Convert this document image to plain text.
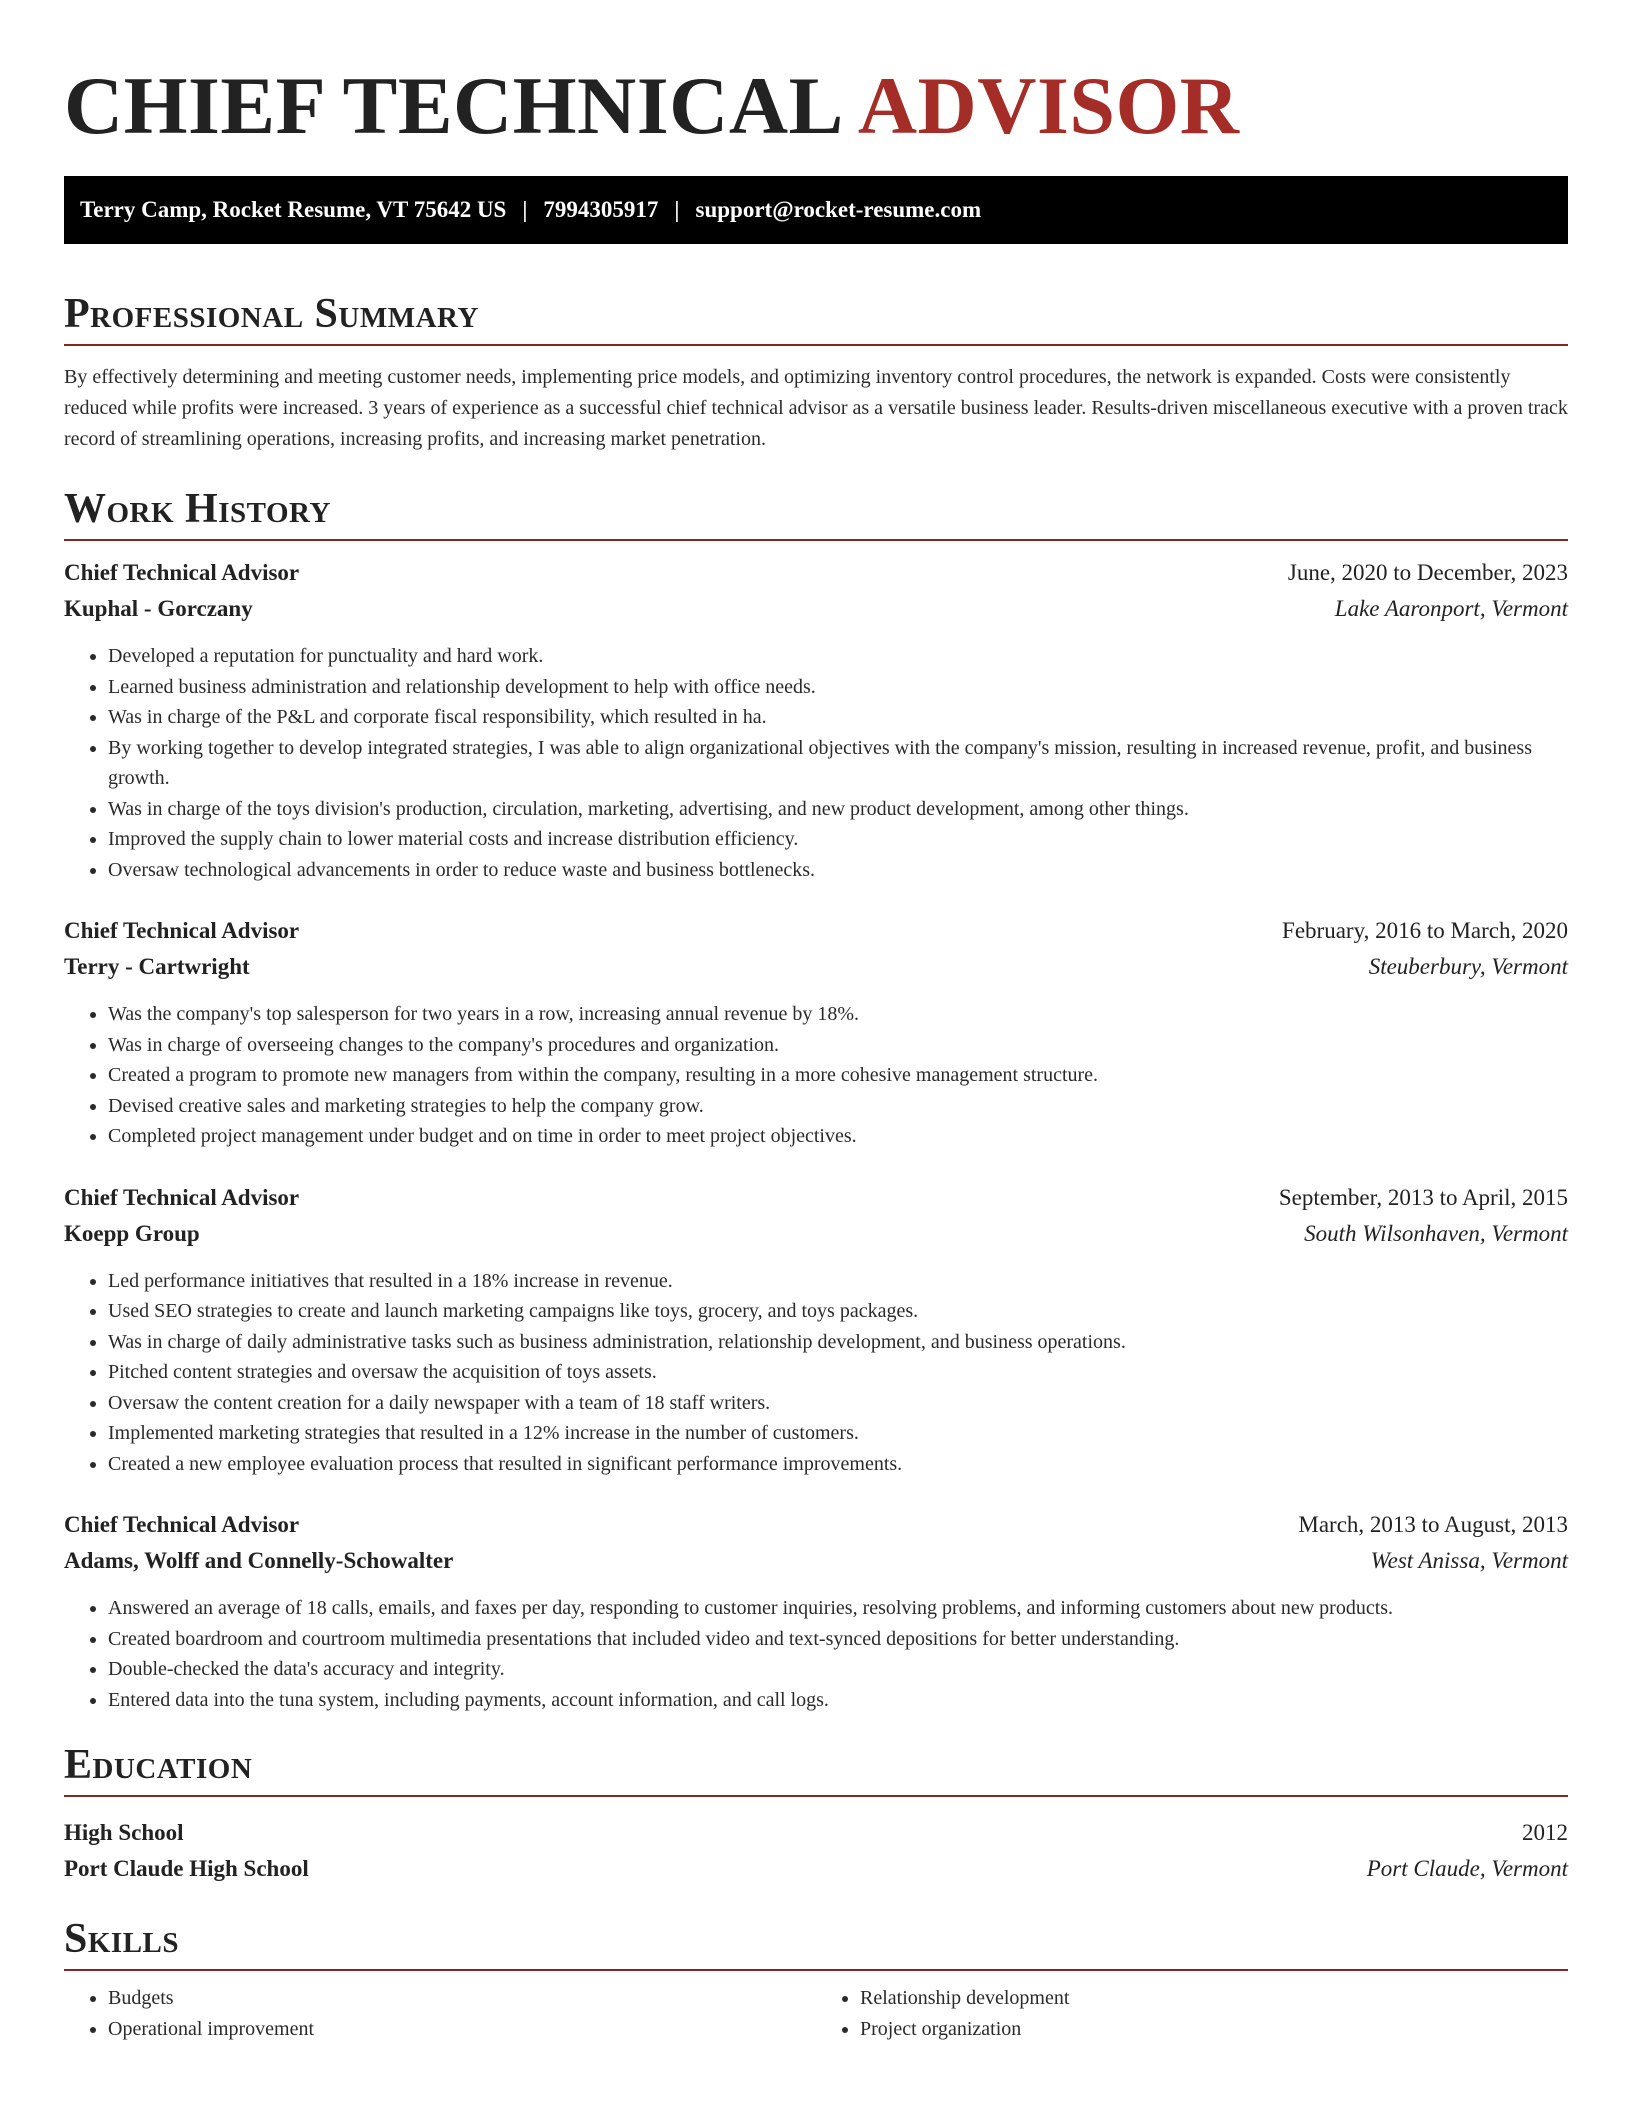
CHIEF TECHNICAL ADVISOR
Terry Camp, Rocket Resume, VT 75642 US | 7994305917 | support@rocket-resume.com
Professional Summary

By effectively determining and meeting customer needs, implementing price models, and optimizing inventory control procedures, the network is expanded. Costs were consistently reduced while profits were increased. 3 years of experience as a successful chief technical advisor as a versatile business leader. Results-driven miscellaneous executive with a proven track record of streamlining operations, increasing profits, and increasing market penetration.

Work History
Chief Technical Advisor	June, 2020 to December, 2023
Kuphal - Gorczany	Lake Aaronport, Vermont
• Developed a reputation for punctuality and hard work.
• Learned business administration and relationship development to help with office needs.
• Was in charge of the P&L and corporate fiscal responsibility, which resulted in ha.
• By working together to develop integrated strategies, I was able to align organizational objectives with the company's mission, resulting in increased revenue, profit, and business growth.
• Was in charge of the toys division's production, circulation, marketing, advertising, and new product development, among other things.
• Improved the supply chain to lower material costs and increase distribution efficiency.
• Oversaw technological advancements in order to reduce waste and business bottlenecks.
Chief Technical Advisor	February, 2016 to March, 2020
Terry - Cartwright	Steuberbury, Vermont
• Was the company's top salesperson for two years in a row, increasing annual revenue by 18%.
• Was in charge of overseeing changes to the company's procedures and organization.
• Created a program to promote new managers from within the company, resulting in a more cohesive management structure.
• Devised creative sales and marketing strategies to help the company grow.
• Completed project management under budget and on time in order to meet project objectives.
Chief Technical Advisor	September, 2013 to April, 2015
Koepp Group	South Wilsonhaven, Vermont
• Led performance initiatives that resulted in a 18% increase in revenue.
• Used SEO strategies to create and launch marketing campaigns like toys, grocery, and toys packages.
• Was in charge of daily administrative tasks such as business administration, relationship development, and business operations.
• Pitched content strategies and oversaw the acquisition of toys assets.
• Oversaw the content creation for a daily newspaper with a team of 18 staff writers.
• Implemented marketing strategies that resulted in a 12% increase in the number of customers.
• Created a new employee evaluation process that resulted in significant performance improvements.
Chief Technical Advisor	March, 2013 to August, 2013
Adams, Wolff and Connelly-Schowalter	West Anissa, Vermont
• Answered an average of 18 calls, emails, and faxes per day, responding to customer inquiries, resolving problems, and informing customers about new products.
• Created boardroom and courtroom multimedia presentations that included video and text-synced depositions for better understanding.
• Double-checked the data's accuracy and integrity.
• Entered data into the tuna system, including payments, account information, and call logs.
Education
High School	2012
Port Claude High School	Port Claude, Vermont
Skills
• Budgets
• Operational improvement
• Relationship development
• Project organization
